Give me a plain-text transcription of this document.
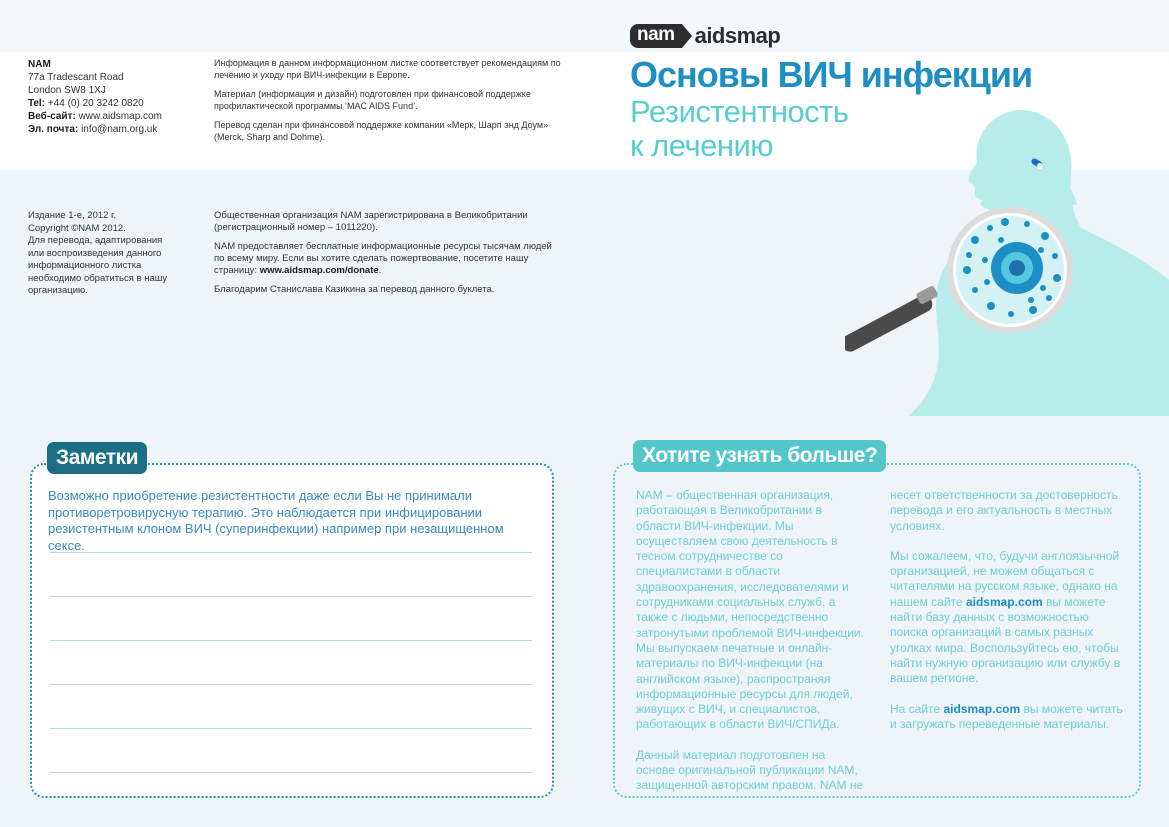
NAM
77a Tradescant Road
London SW8 1XJ
Tel: +44 (0) 20 3242 0820
Веб-сайт: www.aidsmap.com
Эл. почта: info@nam.org.uk

Информация в данном информационном листке соответствует рекомендациям по лечению и уходу при ВИЧ-инфекции в Европе.

Материал (информация и дизайн) подготовлен при финансовой поддержке профилактической программы ‘MAC AIDS Fund’.

Перевод сделан при финансовой поддержке компании «Мерк, Шарп энд Доум» (Merck, Sharp and Dohme).

Издание 1-е, 2012 г.
Copyright ©NAM 2012.
Для перевода, адаптирования или воспроизведения данного информационного листка необходимо обратиться в нашу организацию.

Общественная организация NAM зарегистрирована в Великобритании (регистрационный номер – 1011220).

NAM предоставляет бесплатные информационные ресурсы тысячам людей по всему миру. Если вы хотите сделать пожертвование, посетите нашу страницу: www.aidsmap.com/donate.

Благодарим Станислава Казикина за перевод данного буклета.

nam aidsmap
Основы ВИЧ инфекции
Резистентность
к лечению
Заметки
Возможно приобретение резистентности даже если Вы не принимали противоретровирусную терапию. Это наблюдается при инфицировании резистентным клоном ВИЧ (суперинфекции) например при незащищенном сексе.
Хотите узнать больше?

NAM – общественная организация, работающая в Великобритании в области ВИЧ-инфекции. Мы осуществляем свою деятельность в тесном сотрудничестве со специалистами в области здравоохранения, исследователями и сотрудниками социальных служб, а также с людьми, непосредственно затронутыми проблемой ВИЧ-инфекции. Мы выпускаем печатные и онлайн-материалы по ВИЧ-инфекции (на английском языке), распространяя информационные ресурсы для людей, живущих с ВИЧ, и специалистов, работающих в области ВИЧ/СПИДа.

Данный материал подготовлен на основе оригинальной публикации NAM, защищенной авторским правом. NAM не

несет ответственности за достоверность перевода и его актуальность в местных условиях.

Мы сожалеем, что, будучи англоязычной организацией, не можем общаться с читателями на русском языке, однако на нашем сайте aidsmap.com вы можете найти базу данных с возможностью поиска организаций в самых разных уголках мира. Воспользуйтесь ею, чтобы найти нужную организацию или службу в вашем регионе.

На сайте aidsmap.com вы можете читать и загружать переведенные материалы.
